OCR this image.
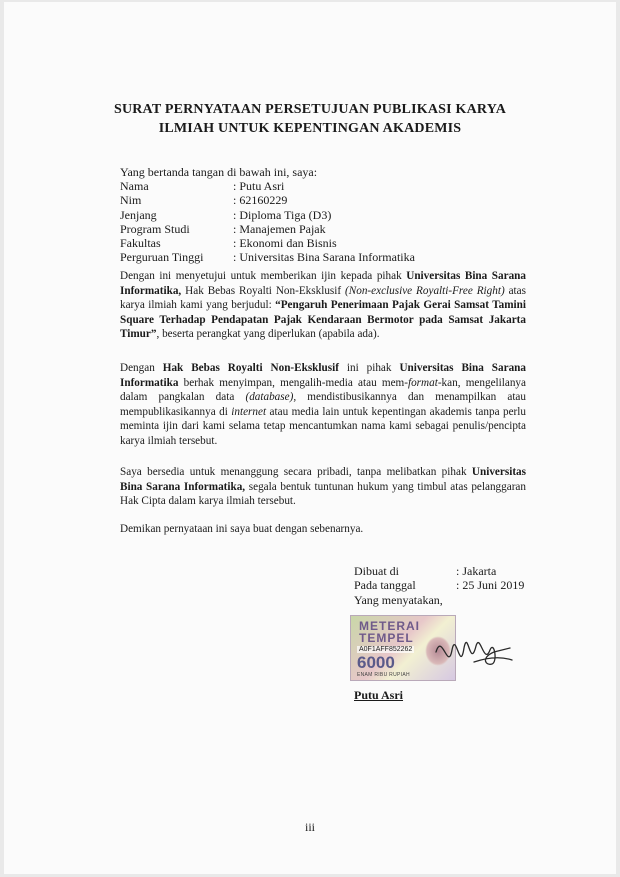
SURAT PERNYATAAN PERSETUJUAN PUBLIKASI KARYA
ILMIAH UNTUK KEPENTINGAN AKADEMIS
Yang bertanda tangan di bawah ini, saya:
Nama	: Putu Asri
Nim	: 62160229
Jenjang	: Diploma Tiga (D3)
Program Studi	: Manajemen Pajak
Fakultas	: Ekonomi dan Bisnis
Perguruan Tinggi	: Universitas Bina Sarana Informatika
Dengan ini menyetujui untuk memberikan ijin kepada pihak Universitas Bina Sarana Informatika, Hak Bebas Royalti Non-Eksklusif (Non-exclusive Royalti-Free Right) atas karya ilmiah kami yang berjudul: “Pengaruh Penerimaan Pajak Gerai Samsat Tamini Square Terhadap Pendapatan Pajak Kendaraan Bermotor pada Samsat Jakarta Timur”, beserta perangkat yang diperlukan (apabila ada).
Dengan Hak Bebas Royalti Non-Eksklusif ini pihak Universitas Bina Sarana Informatika berhak menyimpan, mengalih-media atau mem-format-kan, mengelilanya dalam pangkalan data (database), mendistibusikannya dan menampilkan atau mempublikasikannya di internet atau media lain untuk kepentingan akademis tanpa perlu meminta ijin dari kami selama tetap mencantumkan nama kami sebagai penulis/pencipta karya ilmiah tersebut.
Saya bersedia untuk menanggung secara pribadi, tanpa melibatkan pihak Universitas Bina Sarana Informatika, segala bentuk tuntunan hukum yang timbul atas pelanggaran Hak Cipta dalam karya ilmiah tersebut.
Demikan pernyataan ini saya buat dengan sebenarnya.
Dibuat di	: Jakarta
Pada tanggal	: 25 Juni 2019
Yang menyatakan,
METERAI
TEMPEL
A0F1AFF852262
6000
ENAM RIBU RUPIAH
Putu Asri
iii
